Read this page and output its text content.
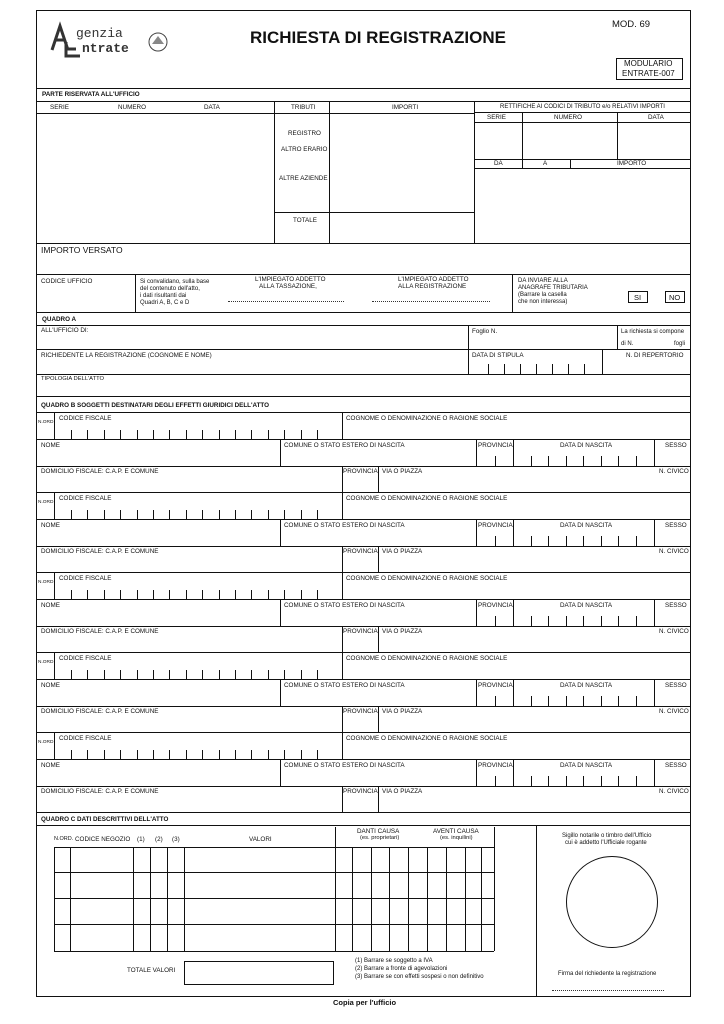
genzia
ntrate
RICHIESTA DI REGISTRAZIONE
MOD. 69
MODULARIO
ENTRATE-007
PARTE RISERVATA ALL'UFFICIO
SERIE	NUMERO	DATA	TRIBUTI	IMPORTI
REGISTRO
ALTRO ERARIO
ALTRE AZIENDE
TOTALE
RETTIFICHE AI CODICI DI TRIBUTO e/o RELATIVI IMPORTI
SERIE	NUMERO	DATA
DA	A	IMPORTO
IMPORTO VERSATO
CODICE UFFICIO	Si convalidano, sulla base
del contenuto dell'atto,
i dati risultanti dai
Quadri A, B, C e D
L'IMPIEGATO ADDETTO
ALLA TASSAZIONE,
L'IMPIEGATO ADDETTO
ALLA REGISTRAZIONE
DA INVIARE ALLA
ANAGRAFE TRIBUTARIA
(Barrare la casella
che non interessa)	SI	NO
QUADRO A
ALL'UFFICIO DI:	Foglio N.	La richiesta si compone
di N.	fogli
RICHIEDENTE LA REGISTRAZIONE (COGNOME E NOME)	DATA DI STIPULA	N. DI REPERTORIO
TIPOLOGIA DELL'ATTO
QUADRO B SOGGETTI DESTINATARI DEGLI EFFETTI GIURIDICI DELL'ATTO
N.ORD.
CODICE FISCALE	COGNOME O DENOMINAZIONE O RAGIONE SOCIALE
NOME	COMUNE O STATO ESTERO DI NASCITA	PROVINCIA	DATA DI NASCITA	SESSO
DOMICILIO FISCALE: C.A.P. E COMUNE	PROVINCIA VIA O PIAZZA	N. CIVICO
N.ORD.
CODICE FISCALE	COGNOME O DENOMINAZIONE O RAGIONE SOCIALE
NOME	COMUNE O STATO ESTERO DI NASCITA	PROVINCIA	DATA DI NASCITA	SESSO
DOMICILIO FISCALE: C.A.P. E COMUNE	PROVINCIA VIA O PIAZZA	N. CIVICO
N.ORD.
CODICE FISCALE	COGNOME O DENOMINAZIONE O RAGIONE SOCIALE
NOME	COMUNE O STATO ESTERO DI NASCITA	PROVINCIA	DATA DI NASCITA	SESSO
DOMICILIO FISCALE: C.A.P. E COMUNE	PROVINCIA VIA O PIAZZA	N. CIVICO
N.ORD.
CODICE FISCALE	COGNOME O DENOMINAZIONE O RAGIONE SOCIALE
NOME	COMUNE O STATO ESTERO DI NASCITA	PROVINCIA	DATA DI NASCITA	SESSO
DOMICILIO FISCALE: C.A.P. E COMUNE	PROVINCIA VIA O PIAZZA	N. CIVICO
N.ORD.
CODICE FISCALE	COGNOME O DENOMINAZIONE O RAGIONE SOCIALE
NOME	COMUNE O STATO ESTERO DI NASCITA	PROVINCIA	DATA DI NASCITA	SESSO
DOMICILIO FISCALE: C.A.P. E COMUNE	PROVINCIA VIA O PIAZZA	N. CIVICO
QUADRO C DATI DESCRITTIVI DELL'ATTO
N.ORD. CODICE NEGOZIO (1) (2) (3)	VALORI
DANTI CAUSA
(es. proprietari)
AVENTI CAUSA
(es. inquilini)	Sigillo notarile o timbro dell'Ufficio
cui è addetto l'Ufficiale rogante
Firma del richiedente la registrazione
TOTALE VALORI
(1) Barrare se soggetto a IVA
(2) Barrare a fronte di agevolazioni
(3) Barrare se con effetti sospesi o non definitivo
Copia per l'ufficio
